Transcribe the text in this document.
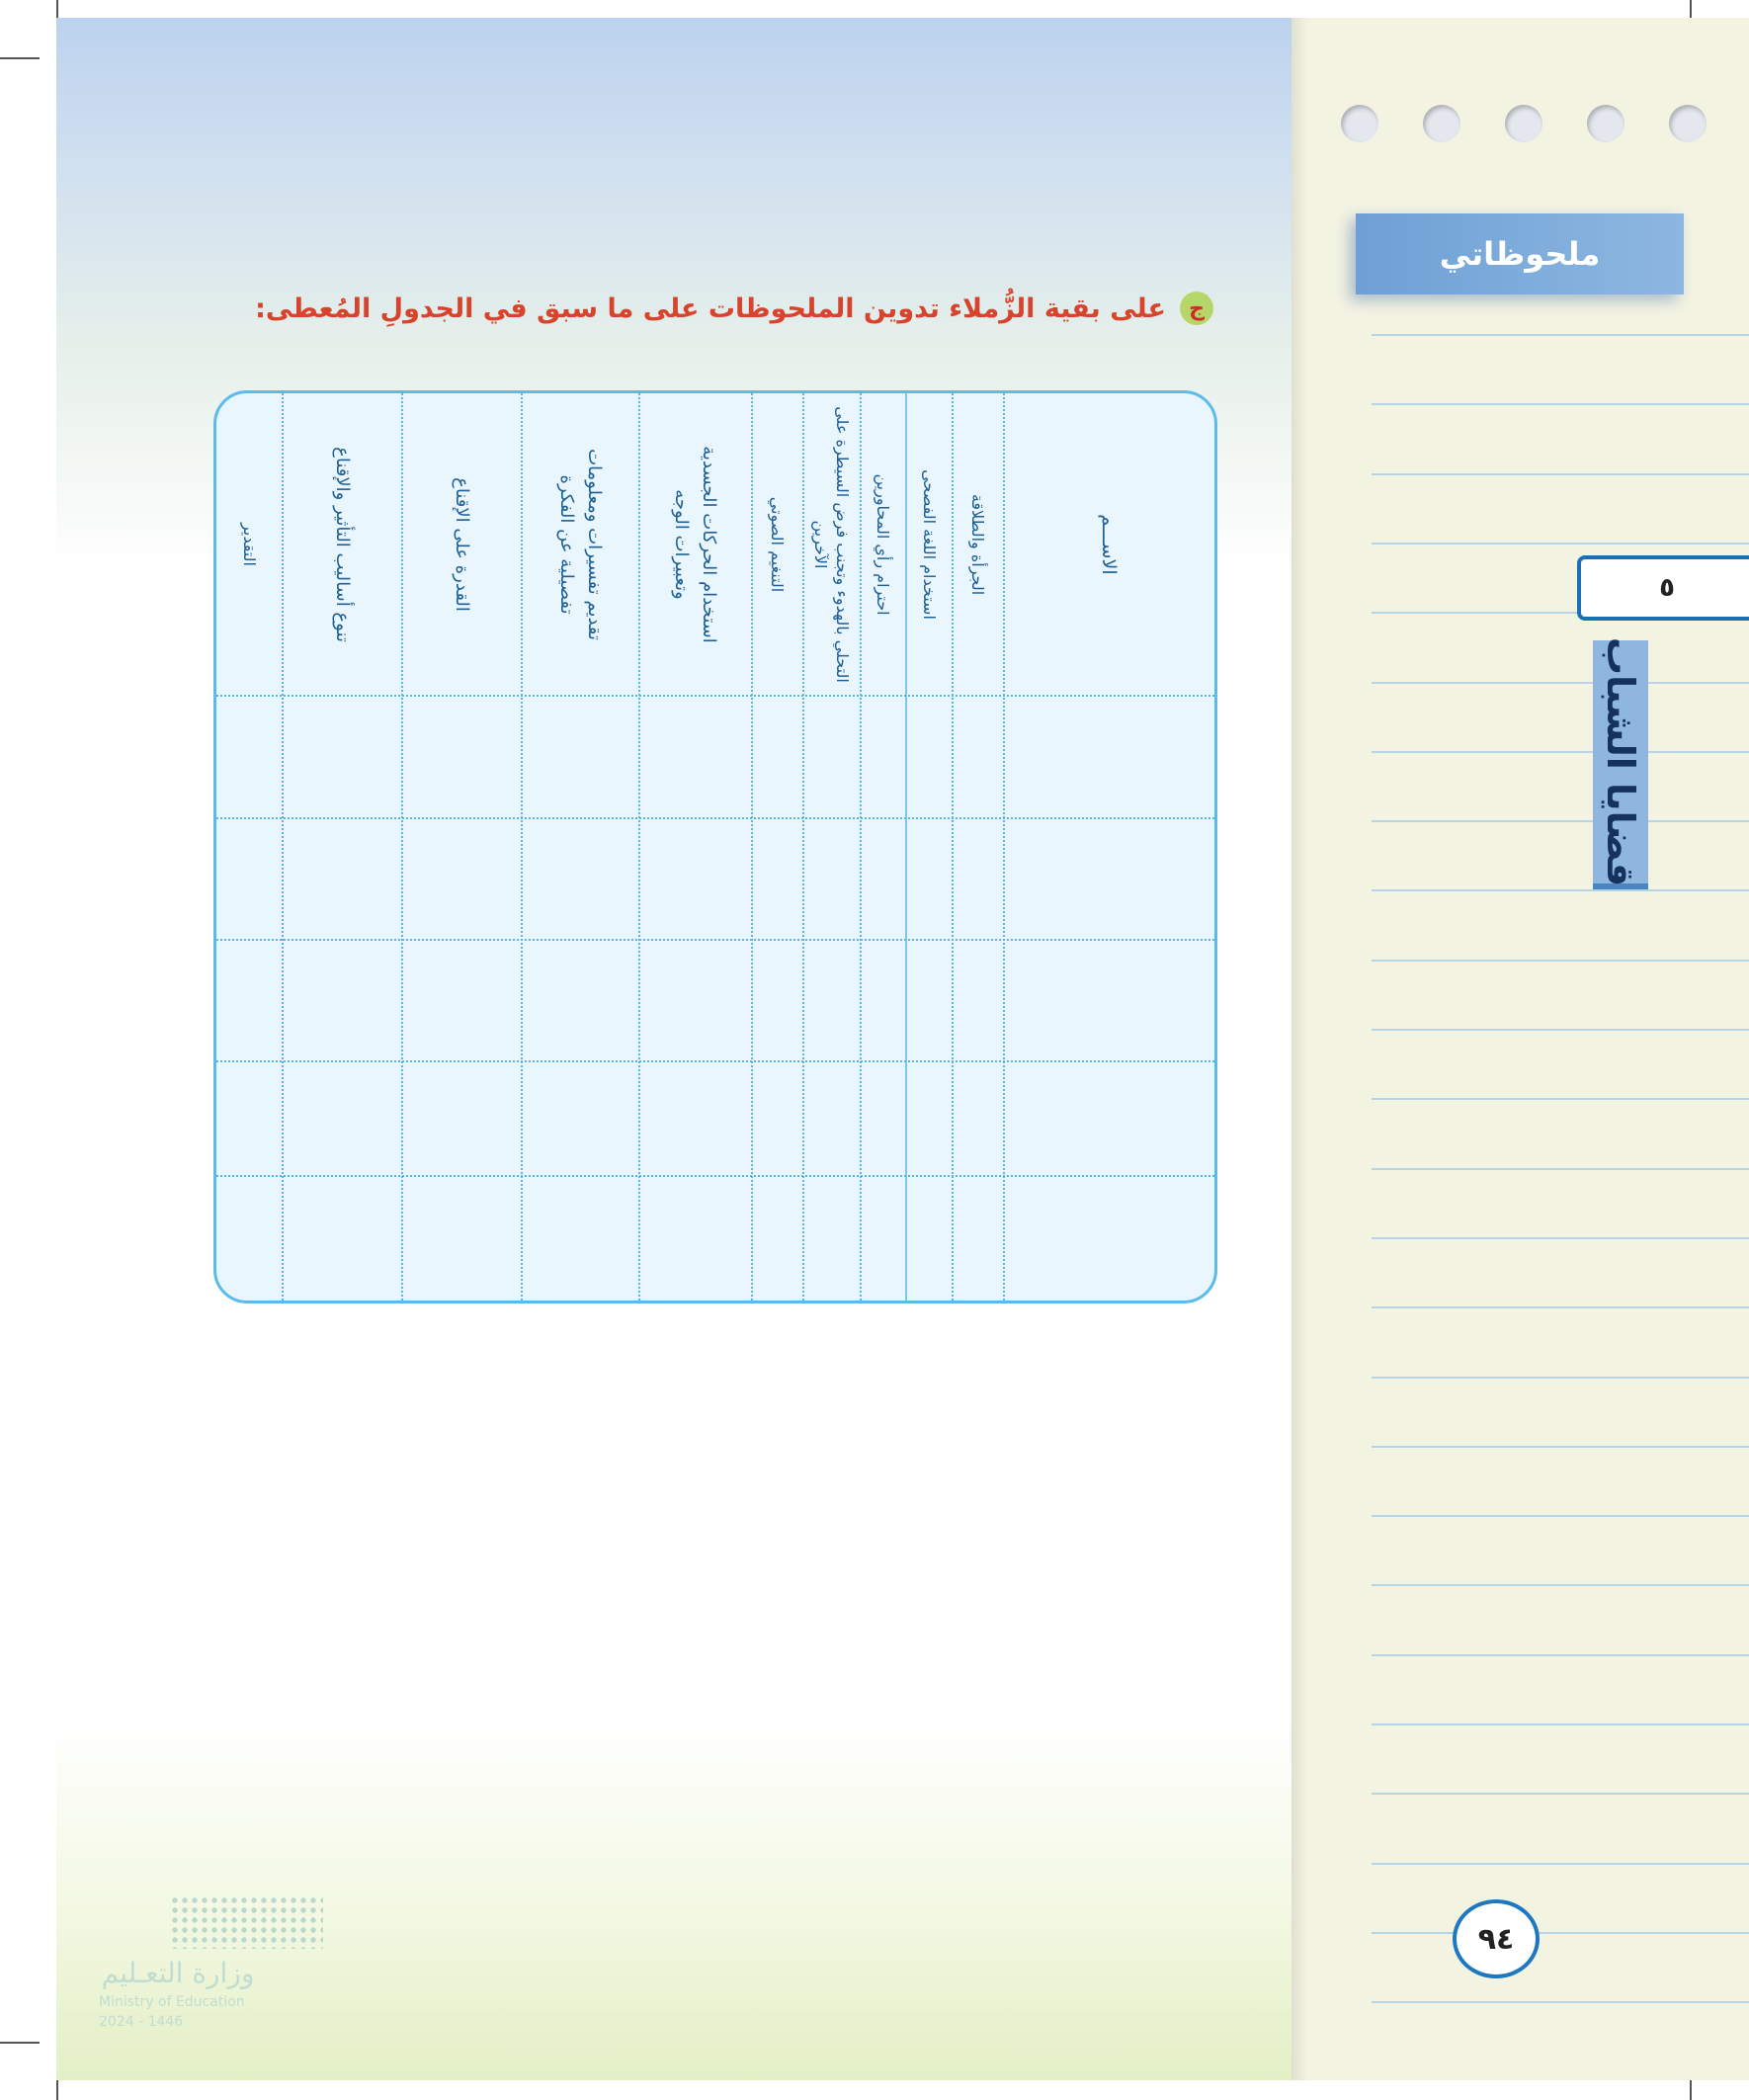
ملحوظاتي
٥
قضايا الشباب
٩٤
ج
على بقية الزُّملاء تدوين الملحوظات على ما سبق في الجدولِ المُعطى:
الاســـم
الجرأة والطلاقة
استخدام اللغة الفصحى
احترام رأي المحاورين
التحلي بالهدوء وتجنب فرض السيطرة على الآخرين
التنغيم الصوتي
استخدام الحركات الجسدية وتعبيرات الوجه
تقديم تفسيرات ومعلومات تفصيلية عن الفكرة
القدرة على الإقناع
تنوع أساليب التأثير والإقناع
التقدير
وزارة التعـليم
Ministry of Education
2024 - 1446
